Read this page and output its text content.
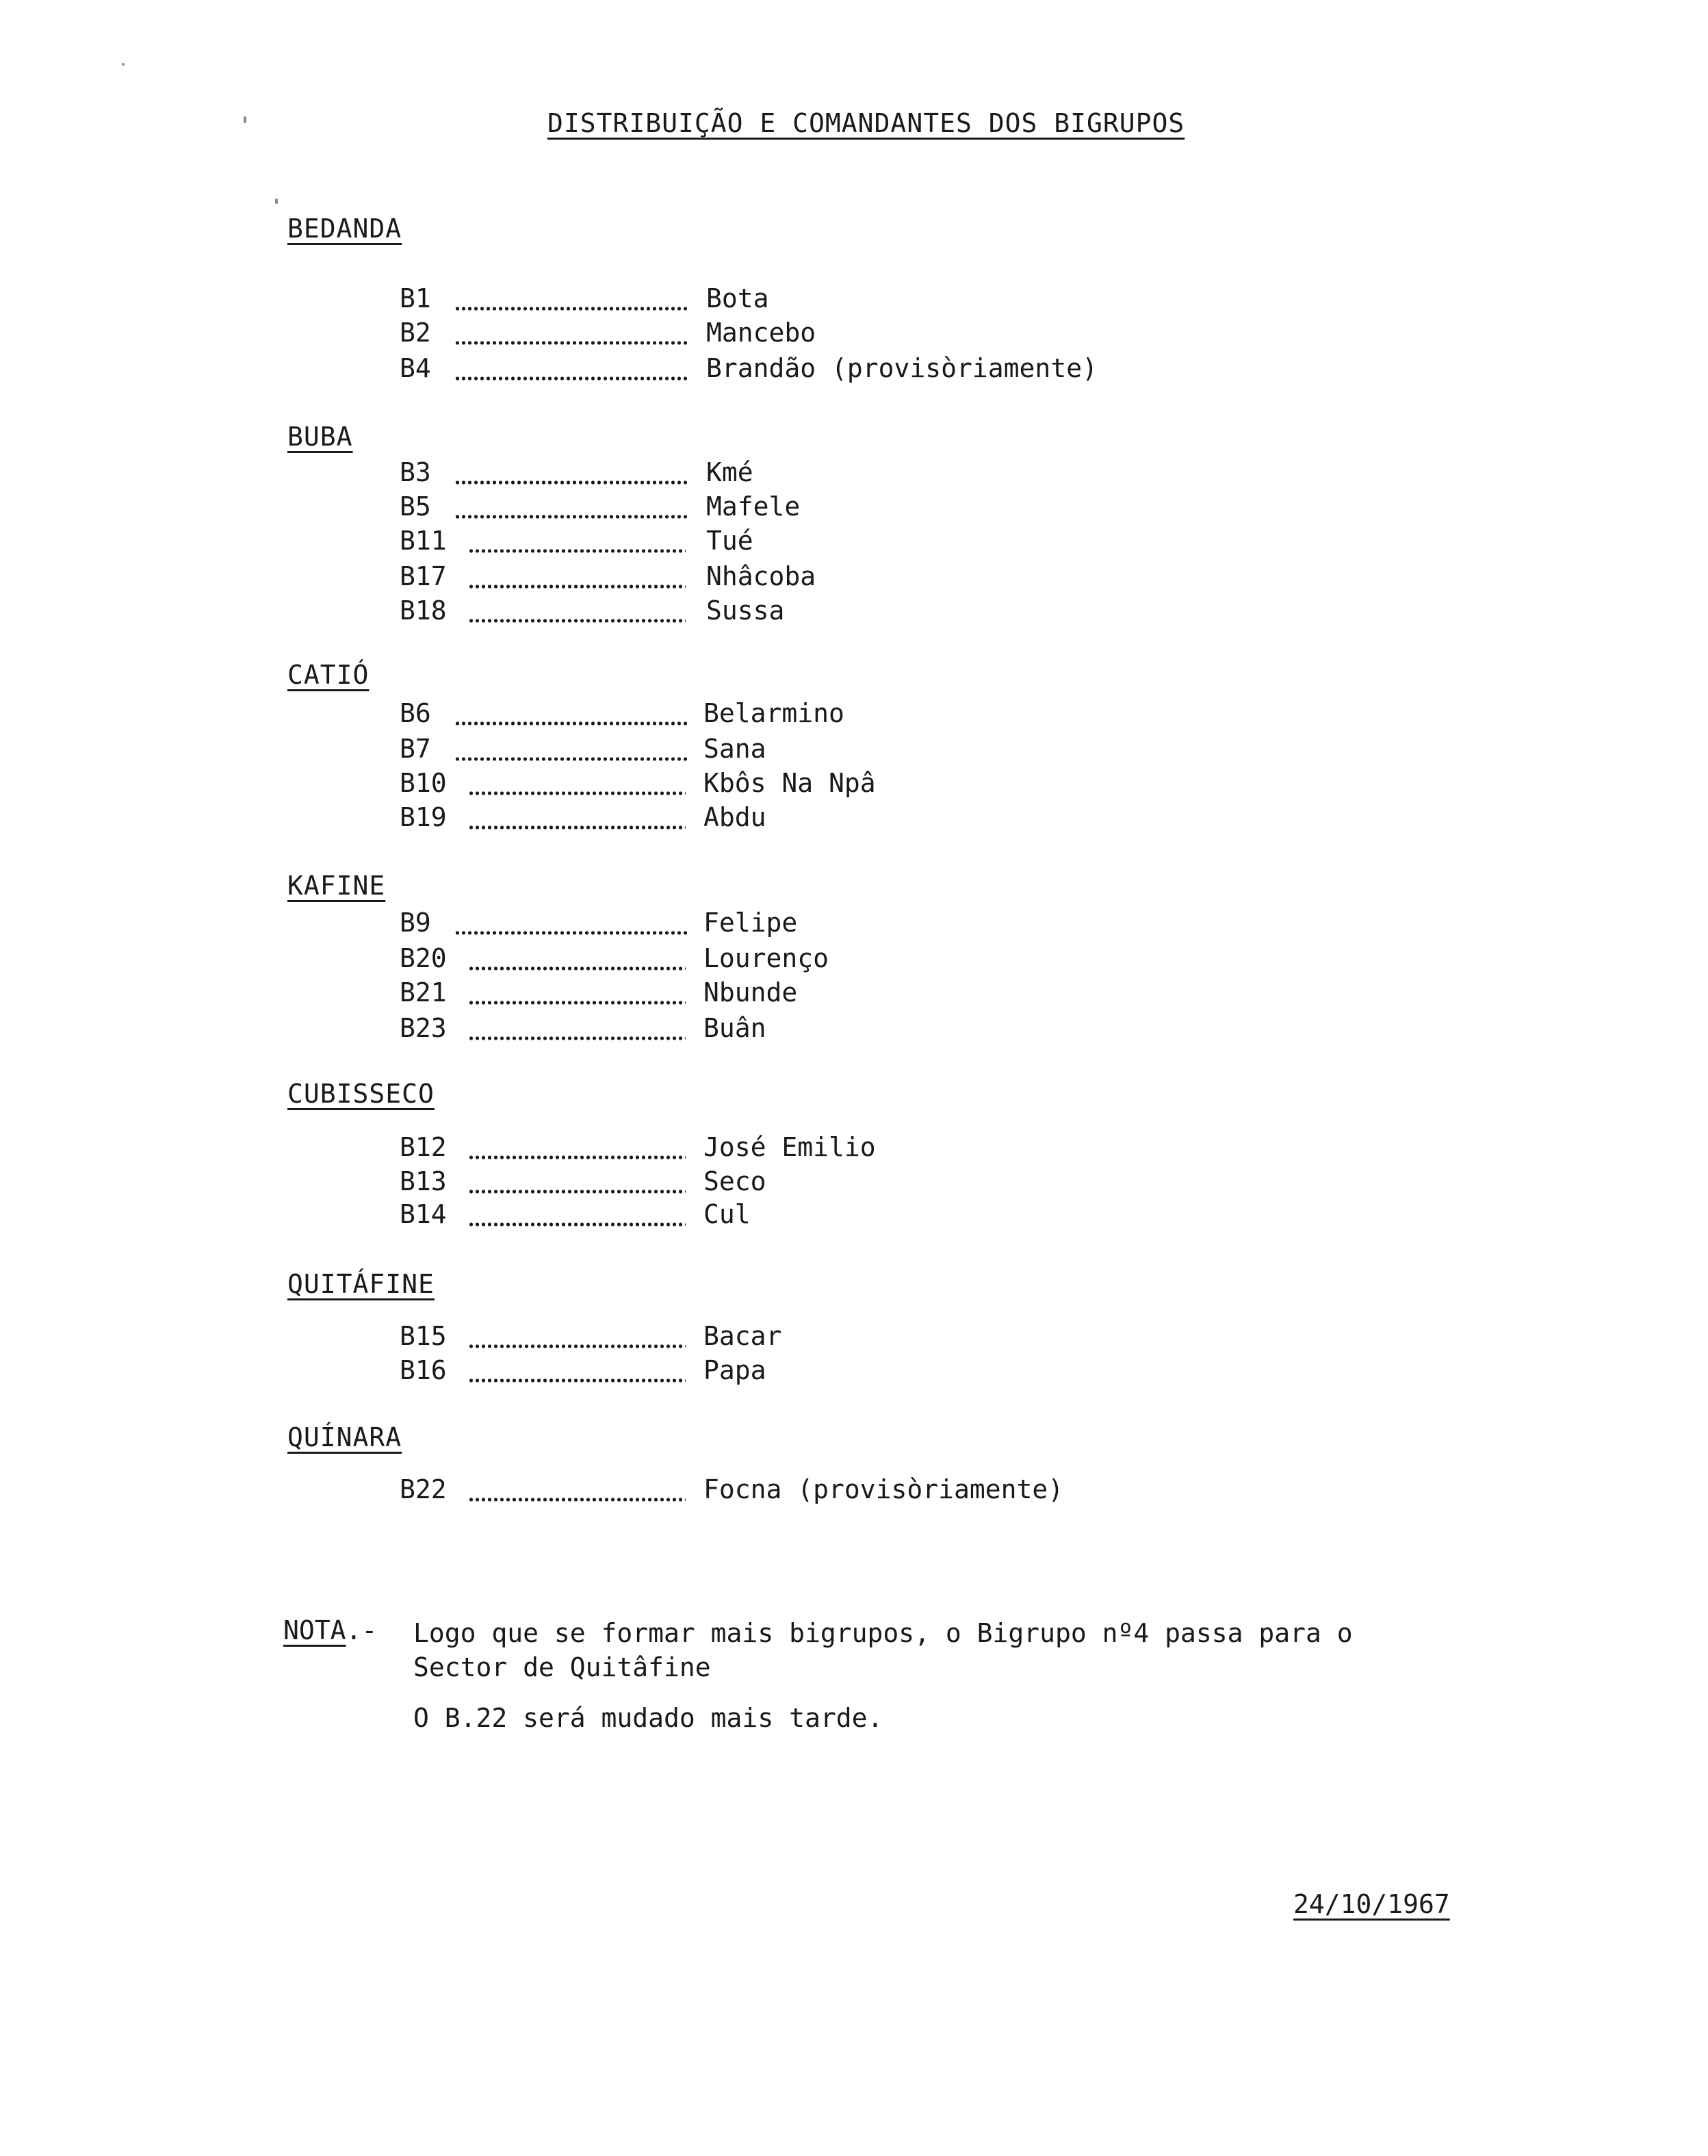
DISTRIBUIÇÃO E COMANDANTES DOS BIGRUPOS
BEDANDA
B1	Bota
B2	Mancebo
B4	Brandão (provisòriamente)
BUBA
B3	Kmé
B5	Mafele
B11	Tué
B17	Nhâcoba
B18	Sussa
CATIÓ
B6	Belarmino
B7	Sana
B10	Kbôs Na Npâ
B19	Abdu
KAFINE
B9	Felipe
B20	Lourenço
B21	Nbunde
B23	Buân
CUBISSECO
B12	José Emilio
B13	Seco
B14	Cul
QUITÁFINE
B15	Bacar
B16	Papa
QUÍNARA
B22	Focna (provisòriamente)
NOTA.- Logo que se formar mais bigrupos, o Bigrupo nº4 passa para o
Sector de Quitâfine
O B.22 será mudado mais tarde.
24/10/1967
